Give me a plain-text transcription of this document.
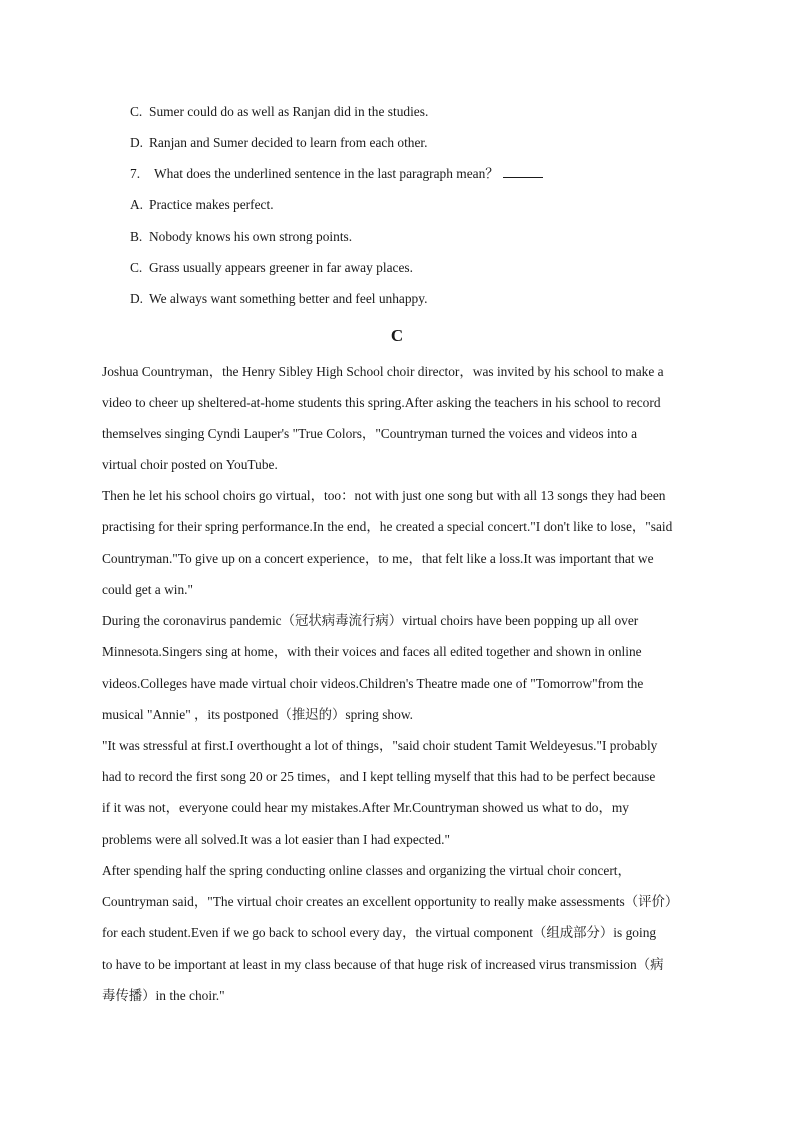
C. Sumer could do as well as Ranjan did in the studies.
D. Ranjan and Sumer decided to learn from each other.
7. What does the underlined sentence in the last paragraph mean？
A. Practice makes perfect.
B. Nobody knows his own strong points.
C. Grass usually appears greener in far away places.
D. We always want something better and feel unhappy.
C
Joshua Countryman，the Henry Sibley High School choir director，was invited by his school to make a
video to cheer up sheltered-at-home students this spring.After asking the teachers in his school to record
themselves singing Cyndi Lauper's "True Colors，"Countryman turned the voices and videos into a
virtual choir posted on YouTube.
Then he let his school choirs go virtual，too：not with just one song but with all 13 songs they had been
practising for their spring performance.In the end，he created a special concert."I don't like to lose，"said
Countryman."To give up on a concert experience，to me，that felt like a loss.It was important that we
could get a win."
During the coronavirus pandemic（冠状病毒流行病）virtual choirs have been popping up all over
Minnesota.Singers sing at home，with their voices and faces all edited together and shown in online
videos.Colleges have made virtual choir videos.Children's Theatre made one of "Tomorrow"from the
musical "Annie" ，its postponed（推迟的）spring show.
"It was stressful at first.I overthought a lot of things，"said choir student Tamit Weldeyesus."I probably
had to record the first song 20 or 25 times，and I kept telling myself that this had to be perfect because
if it was not，everyone could hear my mistakes.After Mr.Countryman showed us what to do，my
problems were all solved.It was a lot easier than I had expected."
After spending half the spring conducting online classes and organizing the virtual choir concert，
Countryman said，"The virtual choir creates an excellent opportunity to really make assessments（评价）
for each student.Even if we go back to school every day，the virtual component（组成部分）is going
to have to be important at least in my class because of that huge risk of increased virus transmission（病
毒传播）in the choir."
